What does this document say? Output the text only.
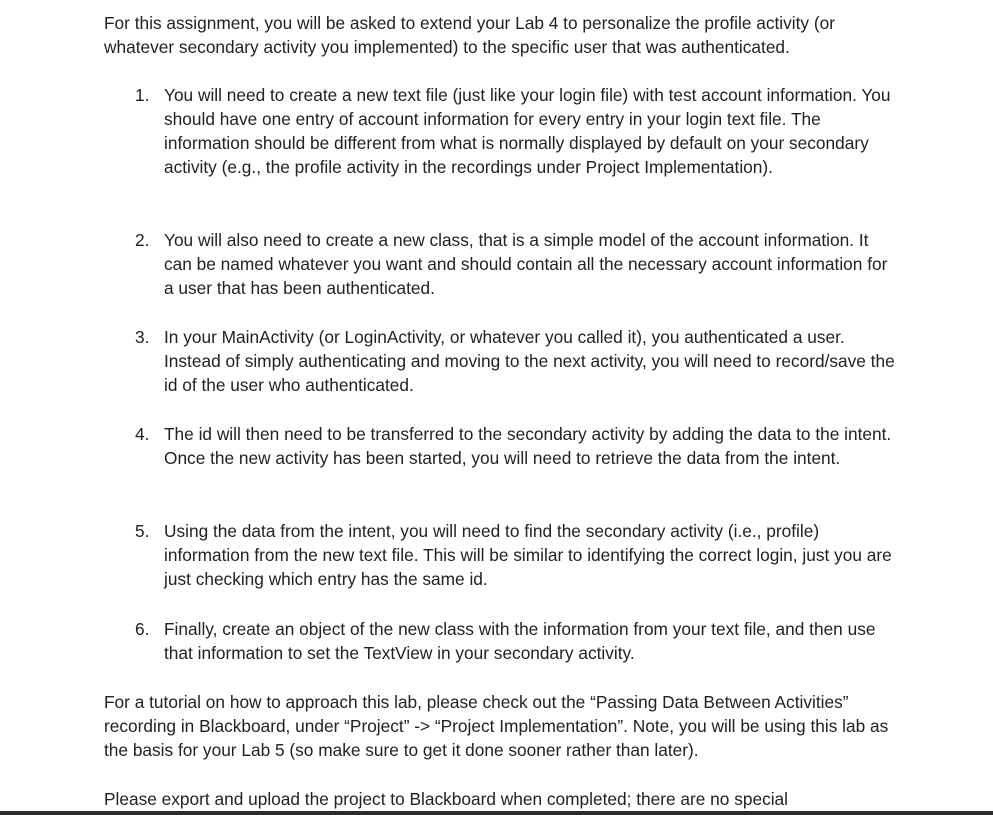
For this assignment, you will be asked to extend your Lab 4 to personalize the profile activity (or whatever secondary activity you implemented) to the specific user that was authenticated.

1. You will need to create a new text file (just like your login file) with test account information. You should have one entry of account information for every entry in your login text file. The information should be different from what is normally displayed by default on your secondary activity (e.g., the profile activity in the recordings under Project Implementation).
2. You will also need to create a new class, that is a simple model of the account information. It can be named whatever you want and should contain all the necessary account information for a user that has been authenticated.
3. In your MainActivity (or LoginActivity, or whatever you called it), you authenticated a user. Instead of simply authenticating and moving to the next activity, you will need to record/save the id of the user who authenticated.
4. The id will then need to be transferred to the secondary activity by adding the data to the intent. Once the new activity has been started, you will need to retrieve the data from the intent.
5. Using the data from the intent, you will need to find the secondary activity (i.e., profile) information from the new text file. This will be similar to identifying the correct login, just you are just checking which entry has the same id.
6. Finally, create an object of the new class with the information from your text file, and then use that information to set the TextView in your secondary activity.

For a tutorial on how to approach this lab, please check out the “Passing Data Between Activities” recording in Blackboard, under “Project” -> “Project Implementation”. Note, you will be using this lab as the basis for your Lab 5 (so make sure to get it done sooner rather than later).

Please export and upload the project to Blackboard when completed; there are no special
